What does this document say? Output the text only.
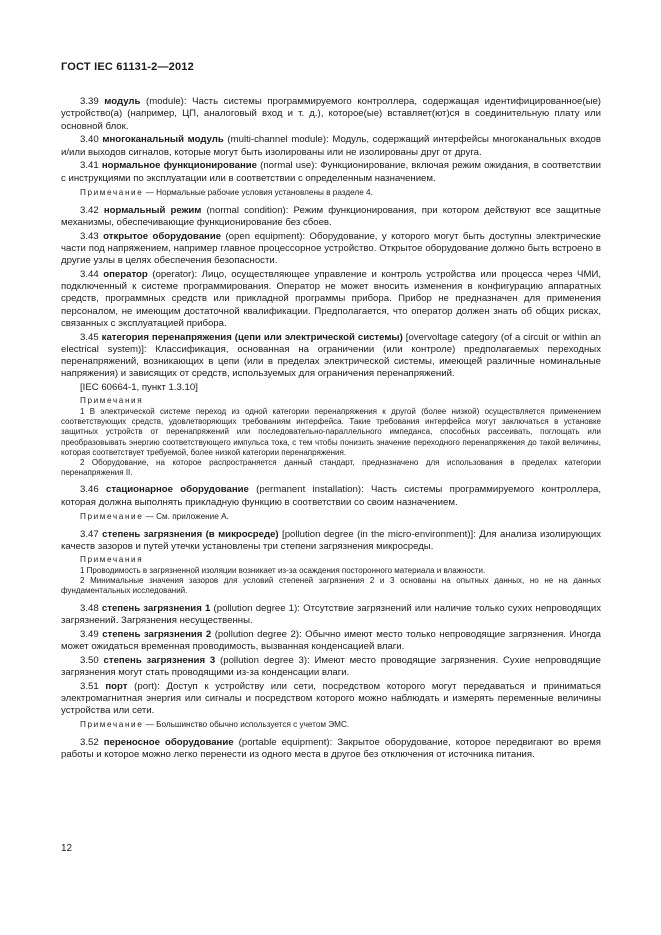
ГОСТ IEC 61131-2—2012

3.39 модуль (module): Часть системы программируемого контроллера, содержащая идентифицированное(ые) устройство(а) (например, ЦП, аналоговый вход и т. д.), которое(ые) вставляет(ют)ся в соединительную плату или основной блок.

3.40 многоканальный модуль (multi-channel module): Модуль, содержащий интерфейсы многоканальных входов и/или выходов сигналов, которые могут быть изолированы или не изолированы друг от друга.

3.41 нормальное функционирование (normal use): Функционирование, включая режим ожидания, в соответствии с инструкциями по эксплуатации или в соответствии с определенным назначением.

Примечание — Нормальные рабочие условия установлены в разделе 4.

3.42 нормальный режим (normal condition): Режим функционирования, при котором действуют все защитные механизмы, обеспечивающие функционирование без сбоев.

3.43 открытое оборудование (open equipment): Оборудование, у которого могут быть доступны электрические части под напряжением, например главное процессорное устройство. Открытое оборудование должно быть встроено в другие узлы в целях обеспечения безопасности.

3.44 оператор (operator): Лицо, осуществляющее управление и контроль устройства или процесса через ЧМИ, подключенный к системе программирования. Оператор не может вносить изменения в конфигурацию аппаратных средств, программных средств или прикладной программы прибора. Прибор не предназначен для применения персоналом, не имеющим достаточной квалификации. Предполагается, что оператор должен знать об общих рисках, связанных с эксплуатацией прибора.

3.45 категория перенапряжения (цепи или электрической системы) [overvoltage category (of a circuit or within an electrical system)]: Классификация, основанная на ограничении (или контроле) предполагаемых переходных перенапряжений, возникающих в цепи (или в пределах электрической системы, имеющей различные номинальные напряжения) и зависящих от средств, используемых для ограничения перенапряжений.

[IEC 60664-1, пункт 1.3.10]

Примечания

1 В электрической системе переход из одной категории перенапряжения к другой (более низкой) осуществляется применением соответствующих средств, удовлетворяющих требованиям интерфейса. Такие требования интерфейса могут заключаться в установке защитных устройств от перенапряжений или последовательно-параллельного импеданса, способных рассеивать, поглощать или преобразовывать энергию соответствующего импульса тока, с тем чтобы понизить значение переходного перенапряжения до такой величины, которая соответствует требуемой, более низкой категории перенапряжения.

2 Оборудование, на которое распространяется данный стандарт, предназначено для использования в пределах категории перенапряжения II.

3.46 стационарное оборудование (permanent installation): Часть системы программируемого контроллера, которая должна выполнять прикладную функцию в соответствии со своим назначением.

Примечание — См. приложение А.

3.47 степень загрязнения (в микросреде) [pollution degree (in the micro-environment)]: Для анализа изолирующих качеств зазоров и путей утечки установлены три степени загрязнения микросреды.

Примечания

1 Проводимость в загрязненной изоляции возникает из-за осаждения посторонного материала и влажности.

2 Минимальные значения зазоров для условий степеней загрязнения 2 и 3 основаны на опытных данных, но не на данных фундаментальных исследований.

3.48 степень загрязнения 1 (pollution degree 1): Отсутствие загрязнений или наличие только сухих непроводящих загрязнений. Загрязнения несущественны.

3.49 степень загрязнения 2 (pollution degree 2): Обычно имеют место только непроводящие загрязнения. Иногда может ожидаться временная проводимость, вызванная конденсацией влаги.

3.50 степень загрязнения 3 (pollution degree 3): Имеют место проводящие загрязнения. Сухие непроводящие загрязнения могут стать проводящими из-за конденсации влаги.

3.51 порт (port): Доступ к устройству или сети, посредством которого могут передаваться и приниматься электромагнитная энергия или сигналы и посредством которого можно наблюдать и измерять переменные величины устройства или сети.

Примечание — Большинство обычно используется с учетом ЭМС.

3.52 переносное оборудование (portable equipment): Закрытое оборудование, которое передвигают во время работы и которое можно легко перенести из одного места в другое без отключения от источника питания.

12
